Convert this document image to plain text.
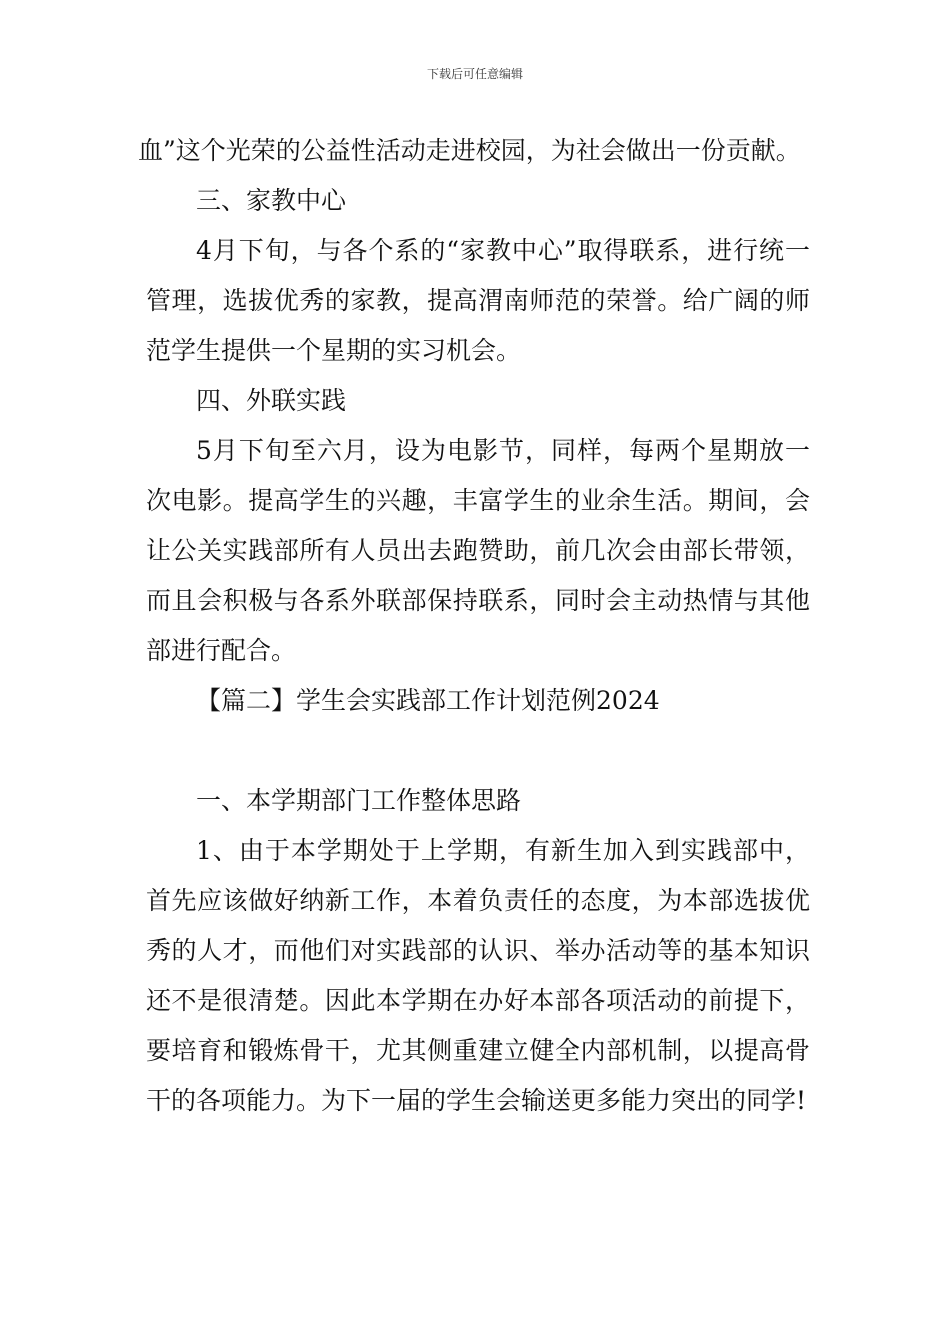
下载后可任意编辑

血”这个光荣的公益性活动走进校园，为社会做出一份贡献。

三、家教中心

4月下旬，与各个系的“家教中心”取得联系，进行统一管理，选拔优秀的家教，提高渭南师范的荣誉。给广阔的师范学生提供一个星期的实习机会。

四、外联实践

5月下旬至六月，设为电影节，同样，每两个星期放一次电影。提高学生的兴趣，丰富学生的业余生活。期间，会让公关实践部所有人员出去跑赞助，前几次会由部长带领，而且会积极与各系外联部保持联系，同时会主动热情与其他部进行配合。

【篇二】学生会实践部工作计划范例2024

一、本学期部门工作整体思路

1、由于本学期处于上学期，有新生加入到实践部中，首先应该做好纳新工作，本着负责任的态度，为本部选拔优秀的人才，而他们对实践部的认识、举办活动等的基本知识还不是很清楚。因此本学期在办好本部各项活动的前提下，要培育和锻炼骨干，尤其侧重建立健全内部机制，以提高骨干的各项能力。为下一届的学生会输送更多能力突出的同学!
